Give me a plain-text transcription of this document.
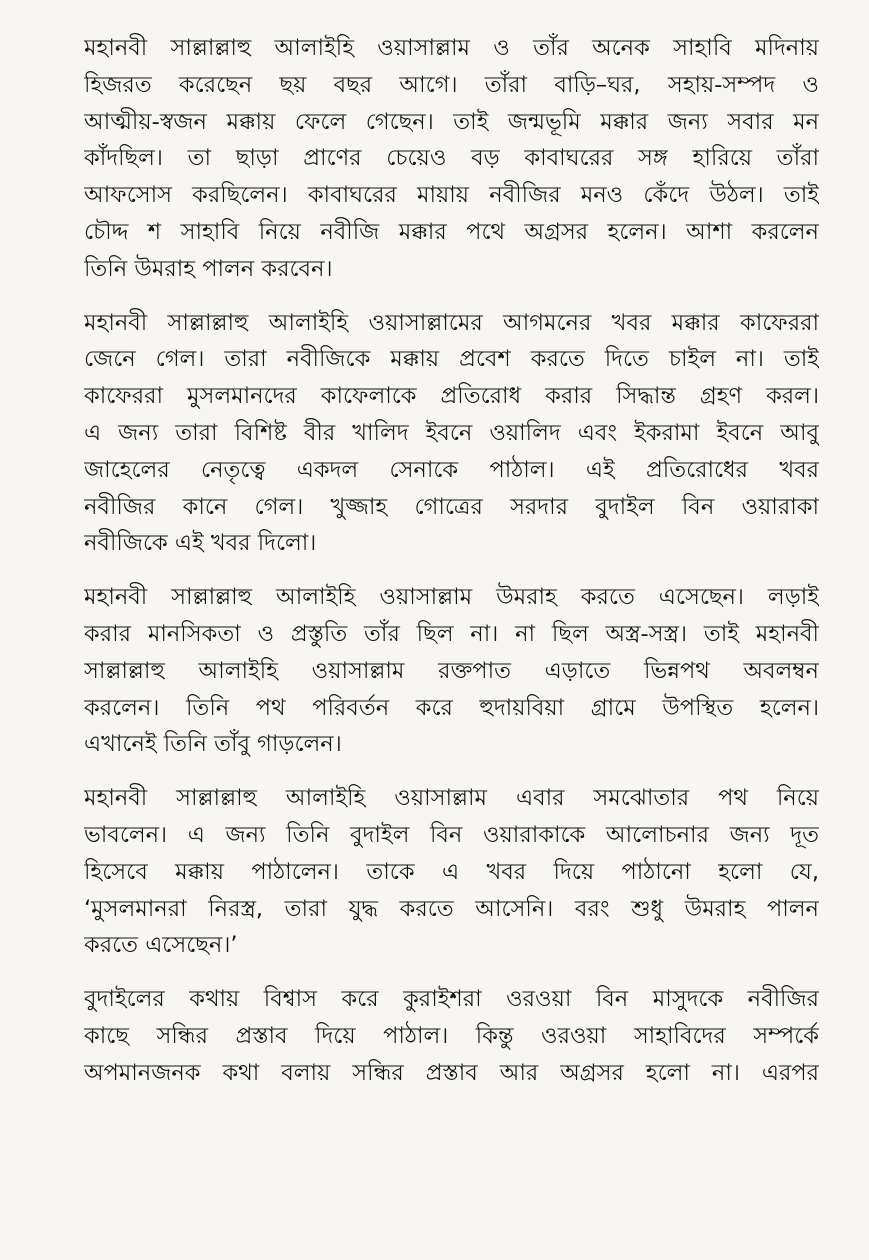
মহানবী সাল্লাল্লাহু আলাইহি ওয়াসাল্লাম ও তাঁর অনেক সাহাবি মদিনায়
হিজরত করেছেন ছয় বছর আগে। তাঁরা বাড়ি–ঘর, সহায়-সম্পদ ও
আত্মীয়-স্বজন মক্কায় ফেলে গেছেন। তাই জন্মভূমি মক্কার জন্য সবার মন
কাঁদছিল। তা ছাড়া প্রাণের চেয়েও বড় কাবাঘরের সঙ্গ হারিয়ে তাঁরা
আফসোস করছিলেন। কাবাঘরের মায়ায় নবীজির মনও কেঁদে উঠল। তাই
চৌদ্দ শ সাহাবি নিয়ে নবীজি মক্কার পথে অগ্রসর হলেন। আশা করলেন
তিনি উমরাহ পালন করবেন।
মহানবী সাল্লাল্লাহু আলাইহি ওয়াসাল্লামের আগমনের খবর মক্কার কাফেররা
জেনে গেল। তারা নবীজিকে মক্কায় প্রবেশ করতে দিতে চাইল না। তাই
কাফেররা মুসলমানদের কাফেলাকে প্রতিরোধ করার সিদ্ধান্ত গ্রহণ করল।
এ জন্য তারা বিশিষ্ট বীর খালিদ ইবনে ওয়ালিদ এবং ইকরামা ইবনে আবু
জাহেলের নেতৃত্বে একদল সেনাকে পাঠাল। এই প্রতিরোধের খবর
নবীজির কানে গেল। খুজ্জাহ গোত্রের সরদার বুদাইল বিন ওয়ারাকা
নবীজিকে এই খবর দিলো।
মহানবী সাল্লাল্লাহু আলাইহি ওয়াসাল্লাম উমরাহ করতে এসেছেন। লড়াই
করার মানসিকতা ও প্রস্তুতি তাঁর ছিল না। না ছিল অস্ত্র-সস্ত্র। তাই মহানবী
সাল্লাল্লাহু আলাইহি ওয়াসাল্লাম রক্তপাত এড়াতে ভিন্নপথ অবলম্বন
করলেন। তিনি পথ পরিবর্তন করে হুদায়বিয়া গ্রামে উপস্থিত হলেন।
এখানেই তিনি তাঁবু গাড়লেন।
মহানবী সাল্লাল্লাহু আলাইহি ওয়াসাল্লাম এবার সমঝোতার পথ নিয়ে
ভাবলেন। এ জন্য তিনি বুদাইল বিন ওয়ারাকাকে আলোচনার জন্য দূত
হিসেবে মক্কায় পাঠালেন। তাকে এ খবর দিয়ে পাঠানো হলো যে,
‘মুসলমানরা নিরস্ত্র, তারা যুদ্ধ করতে আসেনি। বরং শুধু উমরাহ পালন
করতে এসেছেন।’
বুদাইলের কথায় বিশ্বাস করে কুরাইশরা ওরওয়া বিন মাসুদকে নবীজির
কাছে সন্ধির প্রস্তাব দিয়ে পাঠাল। কিন্তু ওরওয়া সাহাবিদের সম্পর্কে
অপমানজনক কথা বলায় সন্ধির প্রস্তাব আর অগ্রসর হলো না। এরপর
